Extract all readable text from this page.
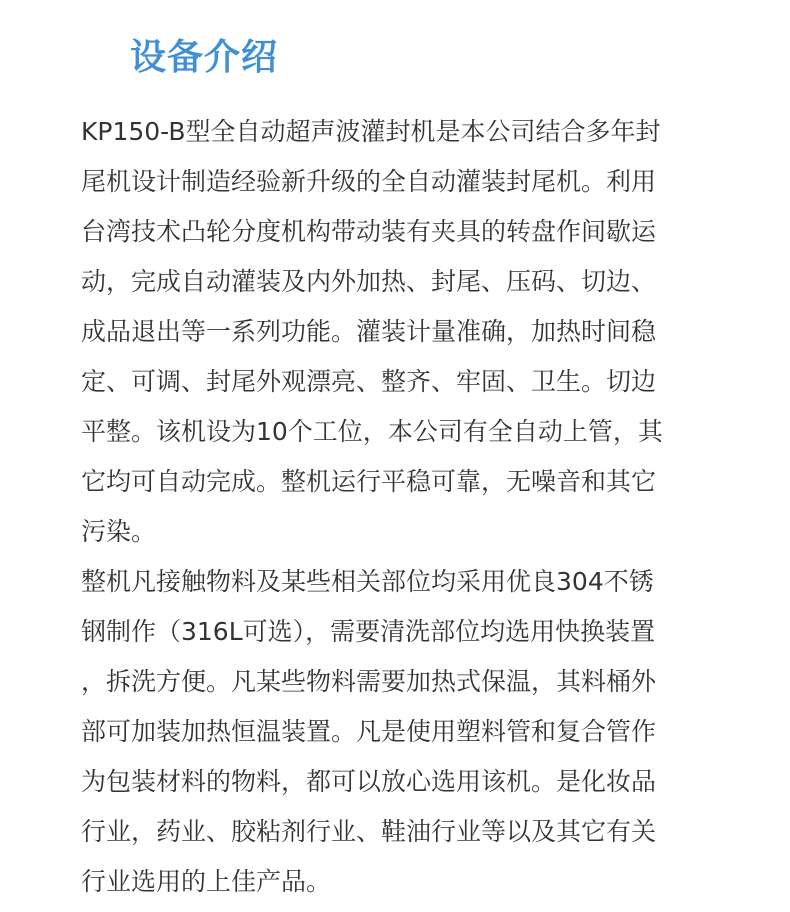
设备介绍
KP150-B型全自动超声波灌封机是本公司结合多年封
尾机设计制造经验新升级的全自动灌装封尾机。利用
台湾技术凸轮分度机构带动装有夹具的转盘作间歇运
动，完成自动灌装及内外加热、封尾、压码、切边、
成品退出等一系列功能。灌装计量准确，加热时间稳
定、可调、封尾外观漂亮、整齐、牢固、卫生。切边
平整。该机设为10个工位，本公司有全自动上管，其
它均可自动完成。整机运行平稳可靠，无噪音和其它
污染。
整机凡接触物料及某些相关部位均采用优良304不锈
钢制作（316L可选），需要清洗部位均选用快换装置
，拆洗方便。凡某些物料需要加热式保温，其料桶外
部可加装加热恒温装置。凡是使用塑料管和复合管作
为包装材料的物料，都可以放心选用该机。是化妆品
行业，药业、胶粘剂行业、鞋油行业等以及其它有关
行业选用的上佳产品。
